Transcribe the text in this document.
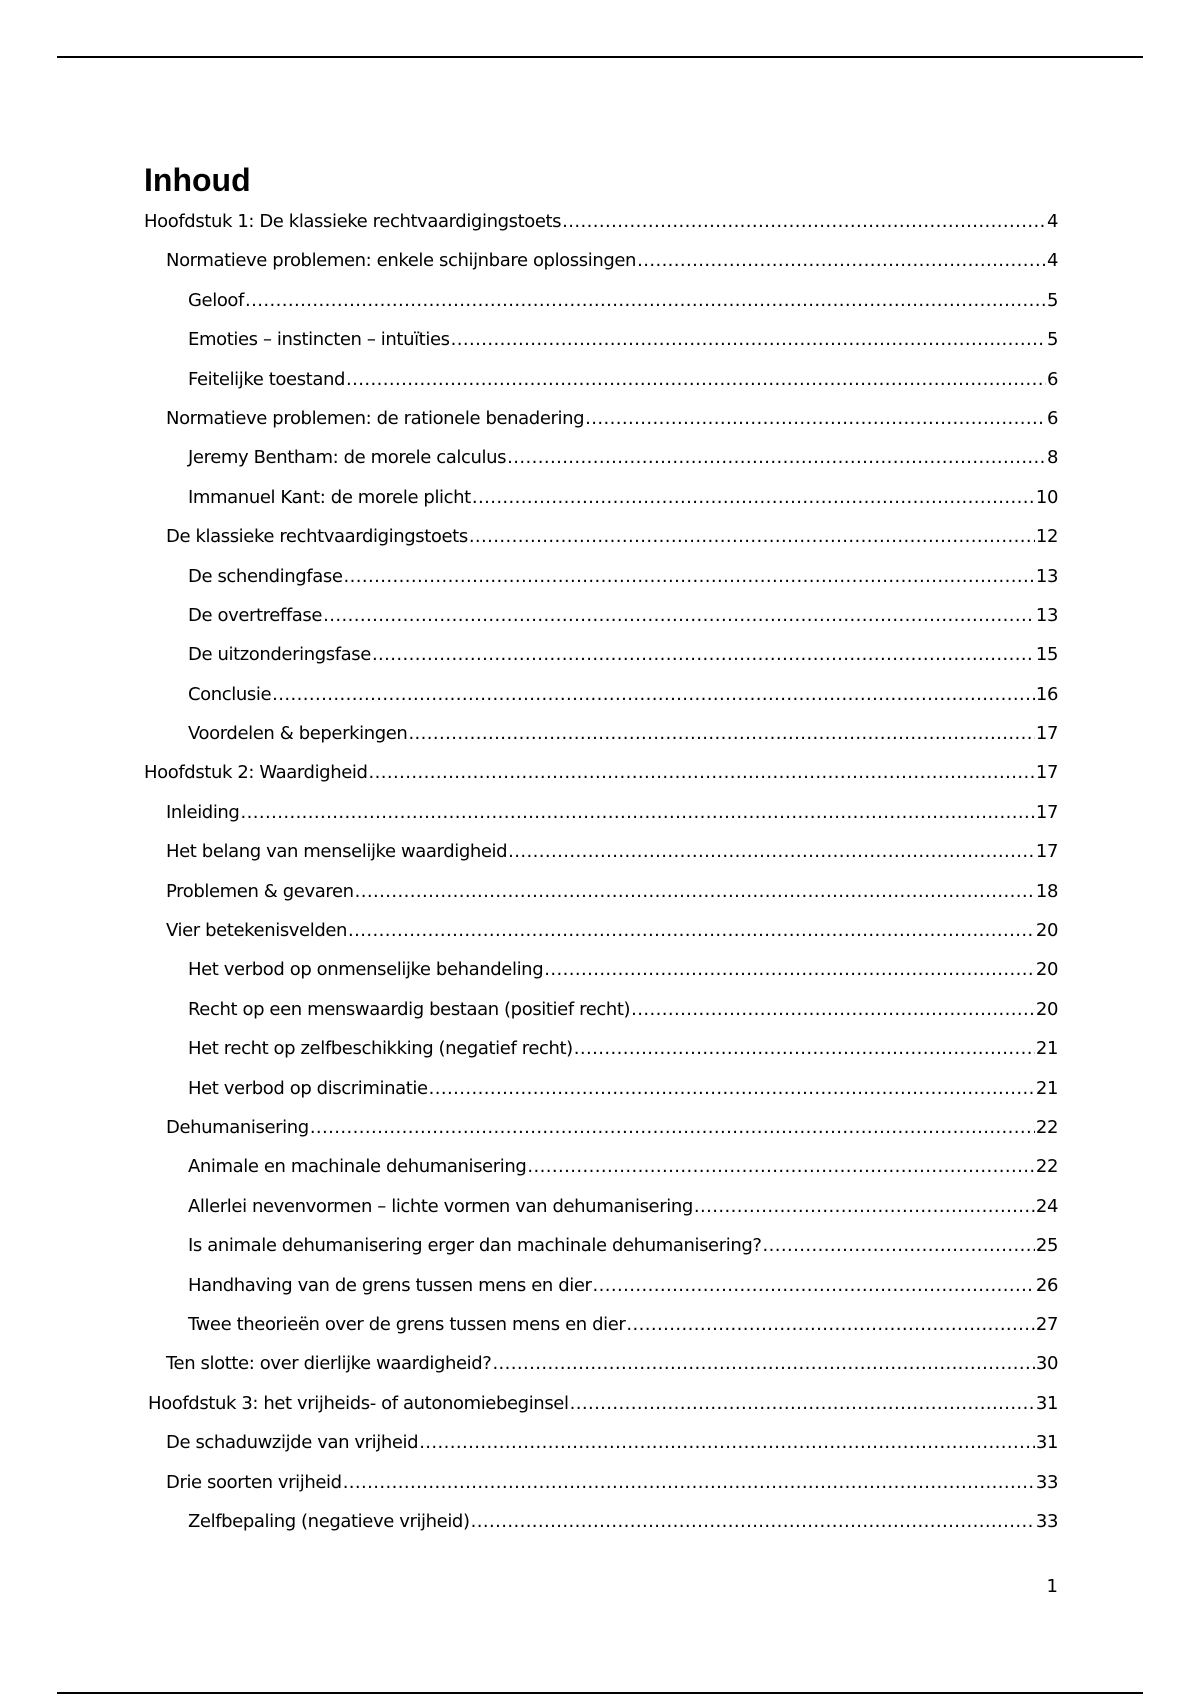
Inhoud
Hoofdstuk 1: De klassieke rechtvaardigingstoets .....	4
Normatieve problemen: enkele schijnbare oplossingen .....	4
Geloof .....	5
Emoties – instincten – intuïties .....	5
Feitelijke toestand .....	6
Normatieve problemen: de rationele benadering .....	6
Jeremy Bentham: de morele calculus .....	8
Immanuel Kant: de morele plicht .....	10
De klassieke rechtvaardigingstoets .....	12
De schendingfase .....	13
De overtreffase .....	13
De uitzonderingsfase .....	15
Conclusie .....	16
Voordelen & beperkingen .....	17
Hoofdstuk 2: Waardigheid .....	17
Inleiding .....	17
Het belang van menselijke waardigheid .....	17
Problemen & gevaren .....	18
Vier betekenisvelden .....	20
Het verbod op onmenselijke behandeling .....	20
Recht op een menswaardig bestaan (positief recht) .....	20
Het recht op zelfbeschikking (negatief recht) .....	21
Het verbod op discriminatie .....	21
Dehumanisering .....	22
Animale en machinale dehumanisering .....	22
Allerlei nevenvormen – lichte vormen van dehumanisering .....	24
Is animale dehumanisering erger dan machinale dehumanisering? .....	25
Handhaving van de grens tussen mens en dier .....	26
Twee theorieën over de grens tussen mens en dier .....	27
Ten slotte: over dierlijke waardigheid? .....	30
Hoofdstuk 3: het vrijheids- of autonomiebeginsel .....	31
De schaduwzijde van vrijheid .....	31
Drie soorten vrijheid .....	33
Zelfbepaling (negatieve vrijheid) .....	33
1
